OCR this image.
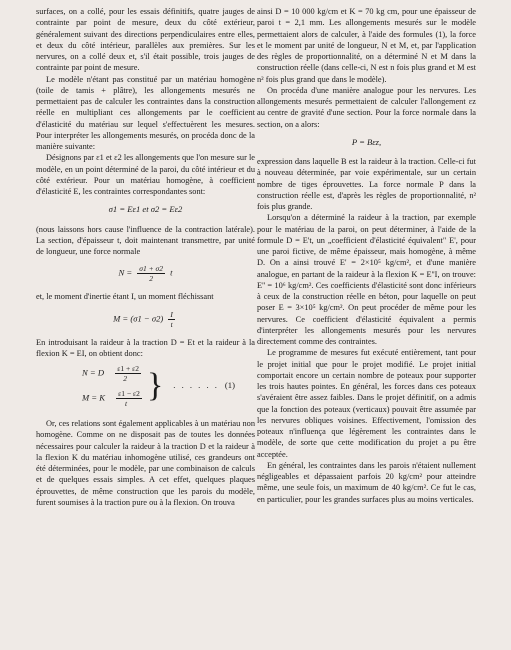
surfaces, on a collé, pour les essais définitifs, quatre jauges de contrainte par point de mesure, deux du côté extérieur, généralement suivant des directions perpendiculaires entre elles, et deux du côté intérieur, parallèles aux premières. Sur les nervures, on a collé deux et, s'il était possible, trois jauges de contrainte par point de mesure.

Le modèle n'étant pas constitué par un matériau homogène (toile de tamis + plâtre), les allongements mesurés ne permettaient pas de calculer les contraintes dans la construction réelle en multipliant ces allongements par le coefficient d'élasticité du matériau sur lequel s'effectuèrent les mesures. Pour interpréter les allongements mesurés, on procéda donc de la manière suivante:

Désignons par ε1 et ε2 les allongements que l'on mesure sur le modèle, en un point déterminé de la paroi, du côté intérieur et du côté extérieur. Pour un matériau homogène, à coefficient d'élasticité E, les contraintes correspondantes sont:

σ1 = Eε1 et σ2 = Eε2

(nous laissons hors cause l'influence de la contraction latérale). La section, d'épaisseur t, doit maintenant transmettre, par unité de longueur, une force normale

$N = \frac{\sigma 1 + \sigma 2}{2}$ t

et, le moment d'inertie étant I, un moment fléchissant

$M = (\sigma 1 - \sigma 2) \frac{I}{t}$

En introduisant la raideur à la traction D = Et et la raideur à la flexion K = EI, on obtient donc:

N = D $\frac{\varepsilon 1 + \varepsilon 2}{2}$
M = K $\frac{\varepsilon 1 - \varepsilon 2}{t}$ } . . . . . . (1)

Or, ces relations sont également applicables à un matériau non homogène. Comme on ne disposait pas de toutes les données nécessaires pour calculer la raideur à la traction D et la raideur à la flexion K du matériau inhomogène utilisé, ces grandeurs ont été déterminées, pour le modèle, par une combinaison de calculs et de quelques essais simples. A cet effet, quelques plaques éprouvettes, de même construction que les parois du modèle, furent soumises à la traction pure ou à la flexion. On trouva

ainsi D = 10 000 kg/cm et K = 70 kg cm, pour une épaisseur de paroi t = 2,1 mm. Les allongements mesurés sur le modèle permettaient alors de calculer, à l'aide des formules (1), la force et le moment par unité de longueur, N et M, et, par l'application des règles de proportionnalité, on a déterminé N et M dans la construction réelle (dans celle-ci, N est n fois plus grand et M est n² fois plus grand que dans le modèle).

On procéda d'une manière analogue pour les nervures. Les allongements mesurés permettaient de calculer l'allongement εz au centre de gravité d'une section. Pour la force normale dans la section, on a alors:

P = Bεz,

expression dans laquelle B est la raideur à la traction. Celle-ci fut à nouveau déterminée, par voie expérimentale, sur un certain nombre de tiges éprouvettes. La force normale P dans la construction réelle est, d'après les règles de proportionnalité, n² fois plus grande.

Lorsqu'on a déterminé la raideur à la traction, par exemple pour le matériau de la paroi, on peut déterminer, à l'aide de la formule D = E't, un „coefficient d'élasticité équivalent" E', pour une paroi fictive, de même épaisseur, mais homogène, à même D. On a ainsi trouvé E' = 2×10⁵ kg/cm², et d'une manière analogue, en partant de la raideur à la flexion K = E''I, on trouve: E'' = 10⁶ kg/cm². Ces coefficients d'élasticité sont donc inférieurs à ceux de la construction réelle en béton, pour laquelle on peut poser E = 3×10⁵ kg/cm². On peut procéder de même pour les nervures. Ce coefficient d'élasticité équivalent a permis d'interpréter les allongements mesurés pour les nervures directement comme des contraintes.

Le programme de mesures fut exécuté entièrement, tant pour le projet initial que pour le projet modifié. Le projet initial comportait encore un certain nombre de poteaux pour supporter les trois hautes pointes. En général, les forces dans ces poteaux s'avéraient être assez faibles. Dans le projet définitif, on a admis que la fonction des poteaux (verticaux) pouvait être assumée par les nervures obliques voisines. Effectivement, l'omission des poteaux n'influença que légèrement les contraintes dans le modèle, de sorte que cette modification du projet a pu être acceptée.

En général, les contraintes dans les parois n'étaient nullement négligeables et dépassaient parfois 20 kg/cm² pour atteindre même, une seule fois, un maximum de 40 kg/cm². Ce fut le cas, en particulier, pour les grandes surfaces plus au moins verticales.
